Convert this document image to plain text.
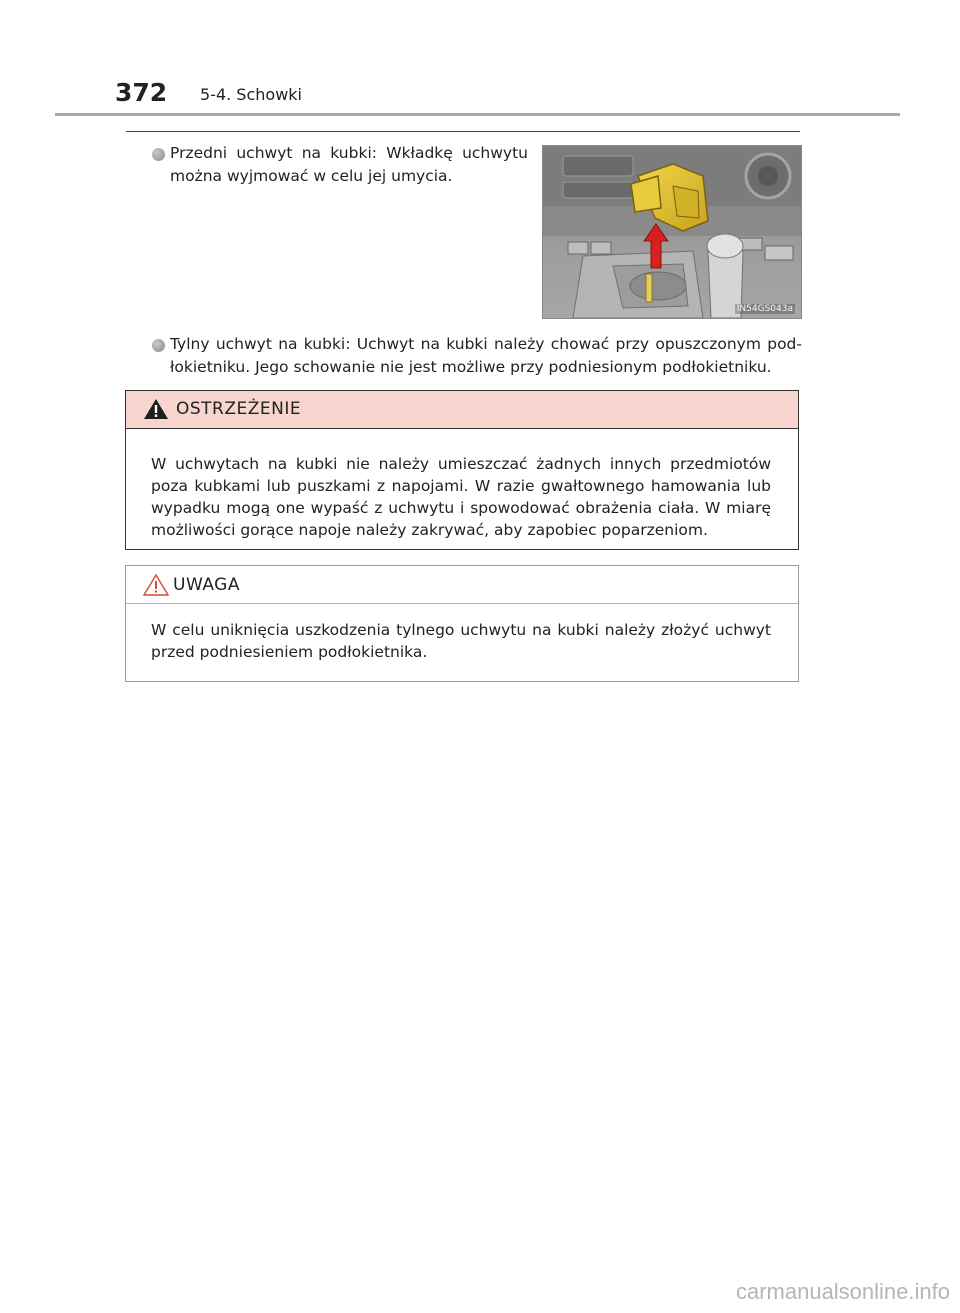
372 5-4. Schowki
Przedni uchwyt na kubki: Wkładkę uchwytu można wyjmować w celu jej umycia.
IN54GS043a
Tylny uchwyt na kubki: Uchwyt na kubki należy chować przy opuszczonym pod-łokietniku. Jego schowanie nie jest możliwe przy podniesionym podłokietniku.
OSTRZEŻENIE
W uchwytach na kubki nie należy umieszczać żadnych innych przedmiotów poza kubkami lub puszkami z napojami. W razie gwałtownego hamowania lub wypadku mogą one wypaść z uchwytu i spowodować obrażenia ciała. W miarę możliwości gorące napoje należy zakrywać, aby zapobiec poparzeniom.
UWAGA
W celu uniknięcia uszkodzenia tylnego uchwytu na kubki należy złożyć uchwyt przed podniesieniem podłokietnika.
carmanualsonline.info
